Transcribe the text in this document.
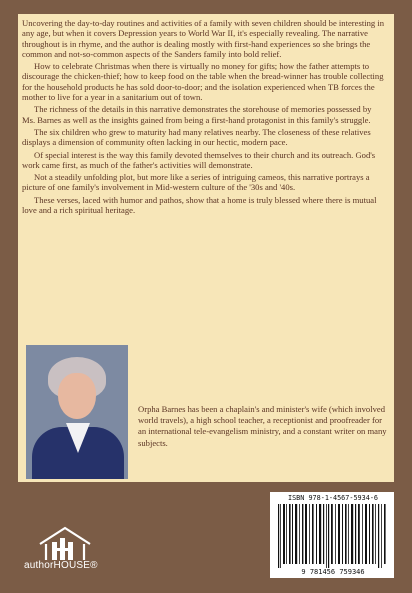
Uncovering the day-to-day routines and activities of a family with seven children should be interesting in any age, but when it covers Depression years to World War II, it's especially revealing. The narrative throughout is in rhyme, and the author is dealing mostly with first-hand experiences so she brings the common and not-so-common aspects of the Sanders family into bold relief.

How to celebrate Christmas when there is virtually no money for gifts; how the father attempts to discourage the chicken-thief; how to keep food on the table when the bread-winner has trouble collecting for the household products he has sold door-to-door; and the isolation experienced when TB forces the mother to live for a year in a sanitarium out of town.

The richness of the details in this narrative demonstrates the storehouse of memories possessed by Ms. Barnes as well as the insights gained from being a first-hand protagonist in this family's struggle.

The six children who grew to maturity had many relatives nearby. The closeness of these relatives displays a dimension of community often lacking in our hectic, modern pace.

Of special interest is the way this family devoted themselves to their church and its outreach. God's work came first, as much of the father's activities will demonstrate.

Not a steadily unfolding plot, but more like a series of intriguing cameos, this narrative portrays a picture of one family's involvement in Mid-western culture of the '30s and '40s.

These verses, laced with humor and pathos, show that a home is truly blessed where there is mutual love and a rich spiritual heritage.

Orpha Barnes has been a chaplain's and minister's wife (which involved world travels), a high school teacher, a receptionist and proofreader for an international tele-evangelism ministry, and a constant writer on many subjects.

ISBN 978-1-4567-5934-6
9 781456 759346
authorHOUSE®
